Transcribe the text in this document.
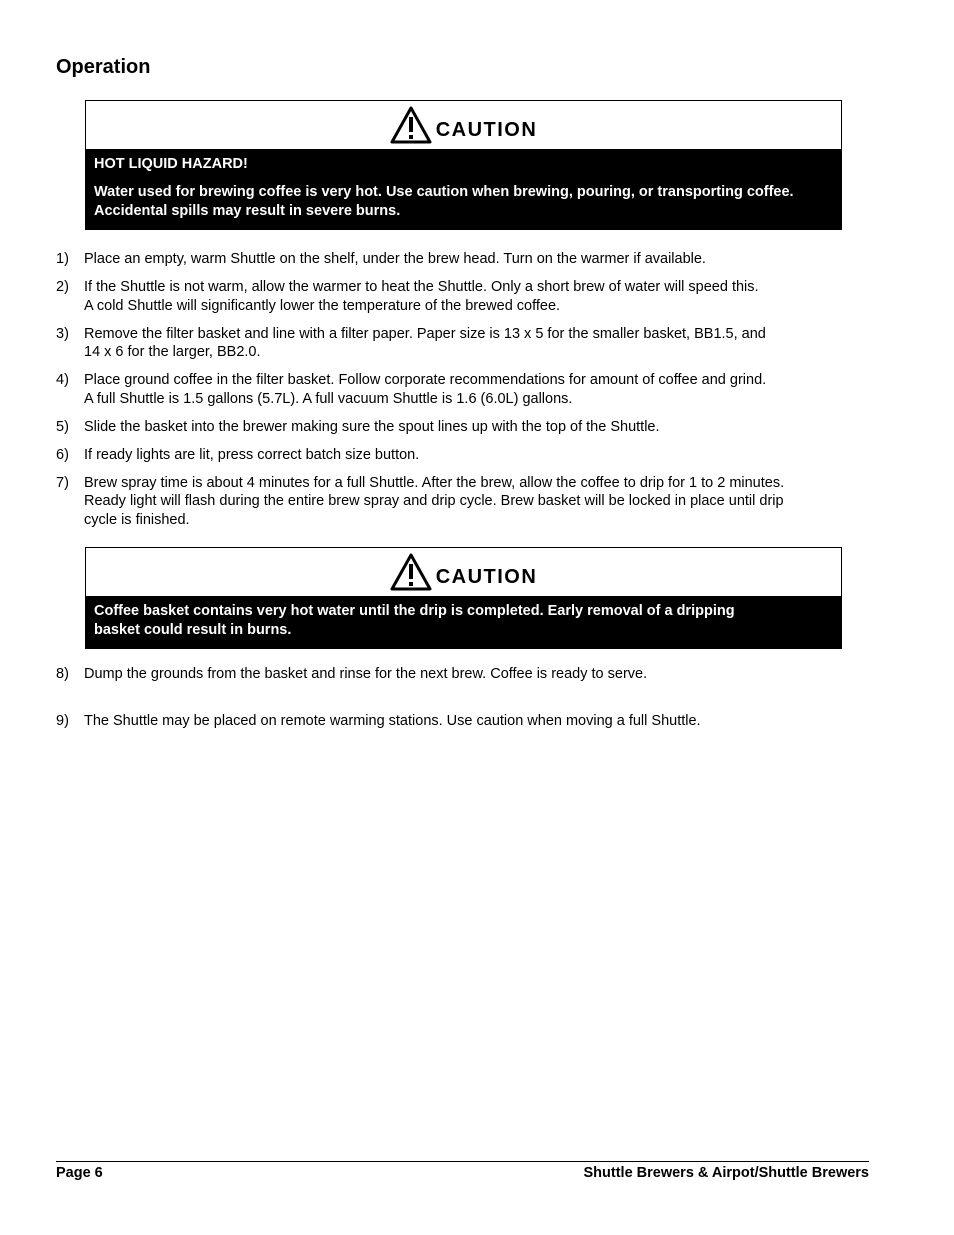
Operation
CAUTION

HOT LIQUID HAZARD!

Water used for brewing coffee is very hot. Use caution when brewing, pouring, or transporting coffee. Accidental spills may result in severe burns.

1)	Place an empty, warm Shuttle on the shelf, under the brew head. Turn on the warmer if available.
2)	If the Shuttle is not warm, allow the warmer to heat the Shuttle. Only a short brew of water will speed this.
A cold Shuttle will significantly lower the temperature of the brewed coffee.
3)	Remove the filter basket and line with a filter paper. Paper size is 13 x 5 for the smaller basket, BB1.5, and
14 x 6 for the larger, BB2.0.
4)	Place ground coffee in the filter basket. Follow corporate recommendations for amount of coffee and grind.
A full Shuttle is 1.5 gallons (5.7L). A full vacuum Shuttle is 1.6 (6.0L) gallons.
5)	Slide the basket into the brewer making sure the spout lines up with the top of the Shuttle.
6)	If ready lights are lit, press correct batch size button.
7)	Brew spray time is about 4 minutes for a full Shuttle. After the brew, allow the coffee to drip for 1 to 2 minutes.
Ready light will flash during the entire brew spray and drip cycle. Brew basket will be locked in place until drip
cycle is finished.
CAUTION

Coffee basket contains very hot water until the drip is completed. Early removal of a dripping
basket could result in burns.

8)	Dump the grounds from the basket and rinse for the next brew. Coffee is ready to serve.
9)	The Shuttle may be placed on remote warming stations. Use caution when moving a full Shuttle.
Page 6	Shuttle Brewers & Airpot/Shuttle Brewers
